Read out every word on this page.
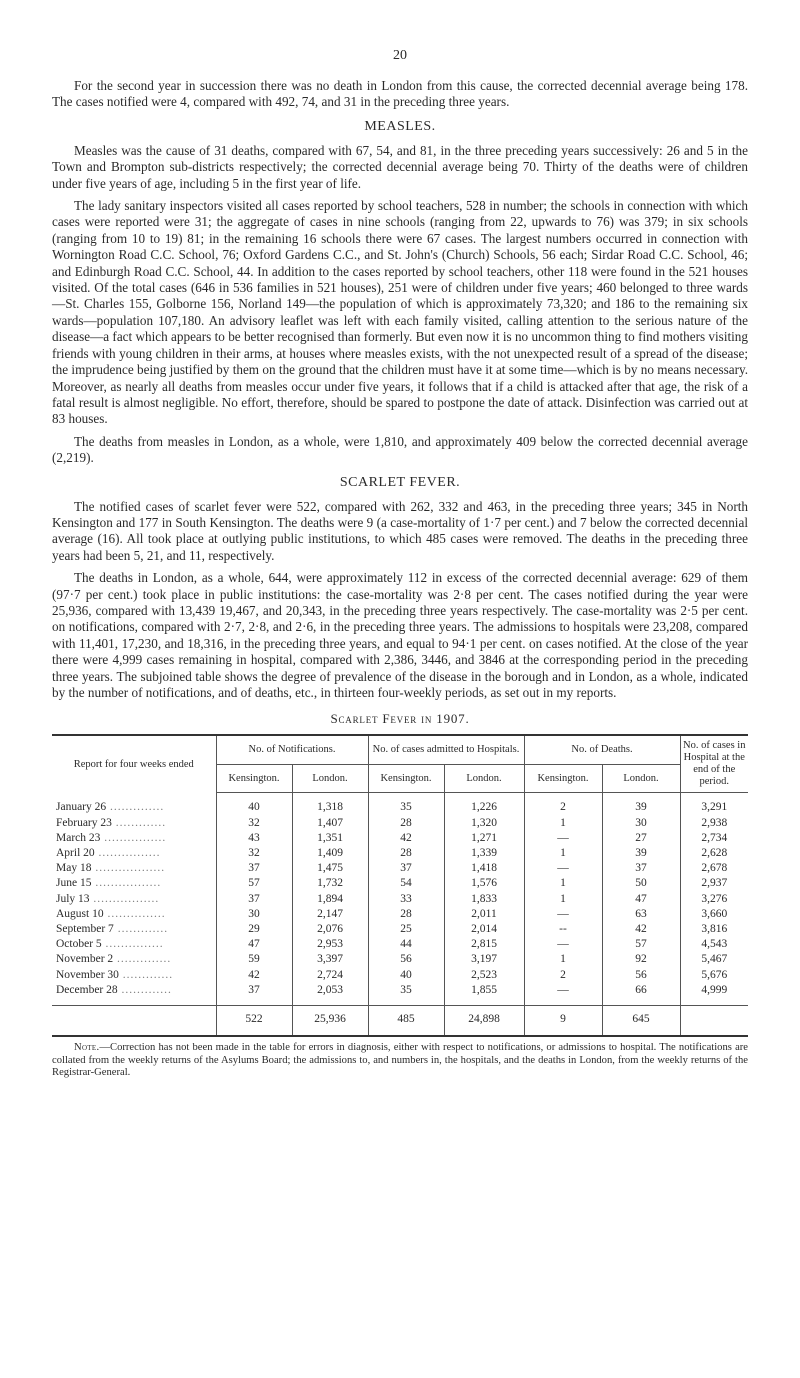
20

For the second year in succession there was no death in London from this cause, the corrected decennial average being 178. The cases notified were 4, compared with 492, 74, and 31 in the preceding three years.

MEASLES.

Measles was the cause of 31 deaths, compared with 67, 54, and 81, in the three preceding years successively: 26 and 5 in the Town and Brompton sub-districts respectively; the corrected decennial average being 70. Thirty of the deaths were of children under five years of age, including 5 in the first year of life.

The lady sanitary inspectors visited all cases reported by school teachers, 528 in number; the schools in connection with which cases were reported were 31; the aggregate of cases in nine schools (ranging from 22, upwards to 76) was 379; in six schools (ranging from 10 to 19) 81; in the remaining 16 schools there were 67 cases. The largest numbers occurred in connection with Wornington Road C.C. School, 76; Oxford Gardens C.C., and St. John's (Church) Schools, 56 each; Sirdar Road C.C. School, 46; and Edinburgh Road C.C. School, 44. In addition to the cases reported by school teachers, other 118 were found in the 521 houses visited. Of the total cases (646 in 536 families in 521 houses), 251 were of children under five years; 460 belonged to three wards—St. Charles 155, Golborne 156, Norland 149—the population of which is approximately 73,320; and 186 to the remaining six wards—population 107,180. An advisory leaflet was left with each family visited, calling attention to the serious nature of the disease—a fact which appears to be better recognised than formerly. But even now it is no uncommon thing to find mothers visiting friends with young children in their arms, at houses where measles exists, with the not unexpected result of a spread of the disease; the imprudence being justified by them on the ground that the children must have it at some time—which is by no means necessary. Moreover, as nearly all deaths from measles occur under five years, it follows that if a child is attacked after that age, the risk of a fatal result is almost negligible. No effort, therefore, should be spared to postpone the date of attack. Disinfection was carried out at 83 houses.

The deaths from measles in London, as a whole, were 1,810, and approximately 409 below the corrected decennial average (2,219).

SCARLET FEVER.

The notified cases of scarlet fever were 522, compared with 262, 332 and 463, in the preceding three years; 345 in North Kensington and 177 in South Kensington. The deaths were 9 (a case-mortality of 1·7 per cent.) and 7 below the corrected decennial average (16). All took place at outlying public institutions, to which 485 cases were removed. The deaths in the preceding three years had been 5, 21, and 11, respectively.

The deaths in London, as a whole, 644, were approximately 112 in excess of the corrected decennial average: 629 of them (97·7 per cent.) took place in public institutions: the case-mortality was 2·8 per cent. The cases notified during the year were 25,936, compared with 13,439 19,467, and 20,343, in the preceding three years respectively. The case-mortality was 2·5 per cent. on notifications, compared with 2·7, 2·8, and 2·6, in the preceding three years. The admissions to hospitals were 23,208, compared with 11,401, 17,230, and 18,316, in the preceding three years, and equal to 94·1 per cent. on cases notified. At the close of the year there were 4,999 cases remaining in hospital, compared with 2,386, 3446, and 3846 at the corresponding period in the preceding three years. The subjoined table shows the degree of prevalence of the disease in the borough and in London, as a whole, indicated by the number of notifications, and of deaths, etc., in thirteen four-weekly periods, as set out in my reports.

Scarlet Fever in 1907.
Report for four weeks ended	No. of Notifications.		No. of cases admitted to Hospitals.		No. of Deaths.		No. of cases in Hospital at the end of the period.
	Kensington.	London.	Kensington.	London.	Kensington.	London.	
January 26 ..............	40	1,318	35	1,226	2	39	3,291
February 23 .............	32	1,407	28	1,320	1	30	2,938
March 23 ................	43	1,351	42	1,271	—	27	2,734
April 20 ................	32	1,409	28	1,339	1	39	2,628
May 18 ..................	37	1,475	37	1,418	—	37	2,678
June 15 .................	57	1,732	54	1,576	1	50	2,937
July 13 .................	37	1,894	33	1,833	1	47	3,276
August 10 ...............	30	2,147	28	2,011	—	63	3,660
September 7 .............	29	2,076	25	2,014	--	42	3,816
October 5 ...............	47	2,953	44	2,815	—	57	4,543
November 2 ..............	59	3,397	56	3,197	1	92	5,467
November 30 .............	42	2,724	40	2,523	2	56	5,676
December 28 .............	37	2,053	35	1,855	—	66	4,999
	522	25,936	485	24,898	9	645	
Note.—Correction has not been made in the table for errors in diagnosis, either with respect to notifications, or admissions to hospital. The notifications are collated from the weekly returns of the Asylums Board; the admissions to, and numbers in, the hospitals, and the deaths in London, from the weekly returns of the Registrar-General.
